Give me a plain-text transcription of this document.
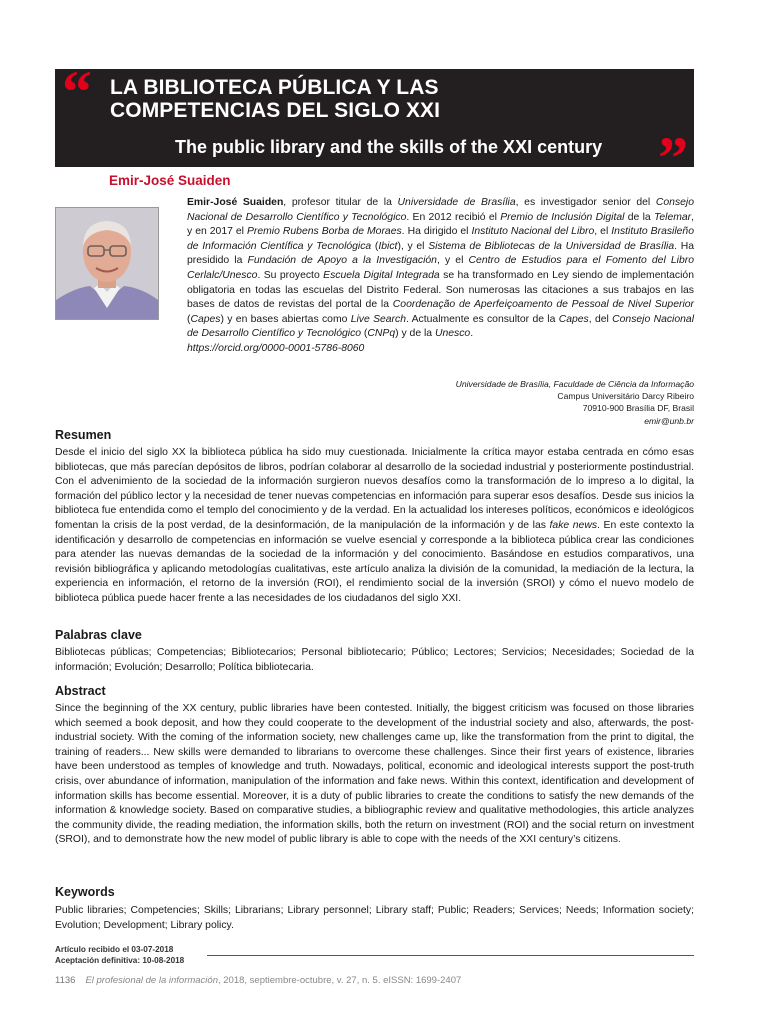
“ LA BIBLIOTECA PÚBLICA Y LAS
COMPETENCIAS DEL SIGLO XXI
The public library and the skills of the XXI century ”

Emir-José Suaiden

Emir-José Suaiden, profesor titular de la Universidade de Brasília, es investigador senior del Consejo Nacional de Desarrollo Científico y Tecnológico. En 2012 recibió el Premio de Inclusión Digital de la Telemar, y en 2017 el Premio Rubens Borba de Moraes. Ha dirigido el Instituto Nacional del Libro, el Instituto Brasileño de Información Científica y Tecnológica (Ibict), y el Sistema de Bibliotecas de la Universidad de Brasília. Ha presidido la Fundación de Apoyo a la Investigación, y el Centro de Estudios para el Fomento del Libro Cerlalc/Unesco. Su proyecto Escuela Digital Integrada se ha transformado en Ley siendo de implementación obligatoria en todas las escuelas del Distrito Federal. Son numerosas las citaciones a sus trabajos en las bases de datos de revistas del portal de la Coordenação de Aperfeiçoamento de Pessoal de Nivel Superior (Capes) y en bases abiertas como Live Search. Actualmente es consultor de la Capes, del Consejo Nacional de Desarrollo Científico y Tecnológico (CNPq) y de la Unesco.
https://orcid.org/0000-0001-5786-8060

Universidade de Brasília, Faculdade de Ciência da Informação
Campus Universitário Darcy Ribeiro
70910-900 Brasília DF, Brasil
emir@unb.br

Resumen

Desde el inicio del siglo XX la biblioteca pública ha sido muy cuestionada. Inicialmente la crítica mayor estaba centrada en cómo esas bibliotecas, que más parecían depósitos de libros, podrían colaborar al desarrollo de la sociedad industrial y posteriormente postindustrial. Con el advenimiento de la sociedad de la información surgieron nuevos desafíos como la transformación de lo impreso a lo digital, la formación del público lector y la necesidad de tener nuevas competencias en información para superar esos desafíos. Desde sus inicios la biblioteca fue entendida como el templo del conocimiento y de la verdad. En la actualidad los intereses políticos, económicos e ideológicos fomentan la crisis de la post verdad, de la desinformación, de la manipulación de la información y de las fake news. En este contexto la identificación y desarrollo de competencias en información se vuelve esencial y corresponde a la biblioteca pública crear las condiciones para atender las nuevas demandas de la sociedad de la información y del conocimiento. Basándose en estudios comparativos, una revisión bibliográfica y aplicando metodologías cualitativas, este artículo analiza la división de la comunidad, la mediación de la lectura, la experiencia en información, el retorno de la inversión (ROI), el rendimiento social de la inversión (SROI) y cómo el nuevo modelo de biblioteca pública puede hacer frente a las necesidades de los ciudadanos del siglo XXI.

Palabras clave

Bibliotecas públicas; Competencias; Bibliotecarios; Personal bibliotecario; Público; Lectores; Servicios; Necesidades; Sociedad de la información; Evolución; Desarrollo; Política bibliotecaria.

Abstract

Since the beginning of the XX century, public libraries have been contested. Initially, the biggest criticism was focused on those libraries which seemed a book deposit, and how they could cooperate to the development of the industrial society and also, afterwards, the post-industrial society. With the coming of the information society, new challenges came up, like the transformation from the print to digital, the training of readers... New skills were demanded to librarians to overcome these challenges. Since their first years of existence, libraries have been understood as temples of knowledge and truth. Nowadays, political, economic and ideological interests support the post-truth crisis, over abundance of information, manipulation of the information and fake news. Within this context, identification and development of information skills has become essential. Moreover, it is a duty of public libraries to create the conditions to satisfy the new demands of the information & knowledge society. Based on comparative studies, a bibliographic review and qualitative methodologies, this article analyzes the community divide, the reading mediation, the information skills, both the return on investment (ROI) and the social return on investment (SROI), and to demonstrate how the new model of public library is able to cope with the needs of the XXI century’s citizens.

Keywords

Public libraries; Competencies; Skills; Librarians; Library personnel; Library staff; Public; Readers; Services; Needs; Information society; Evolution; Development; Library policy.

Artículo recibido el 03-07-2018
Aceptación definitiva: 10-08-2018

1136 El profesional de la información, 2018, septiembre-octubre, v. 27, n. 5. eISSN: 1699-2407
